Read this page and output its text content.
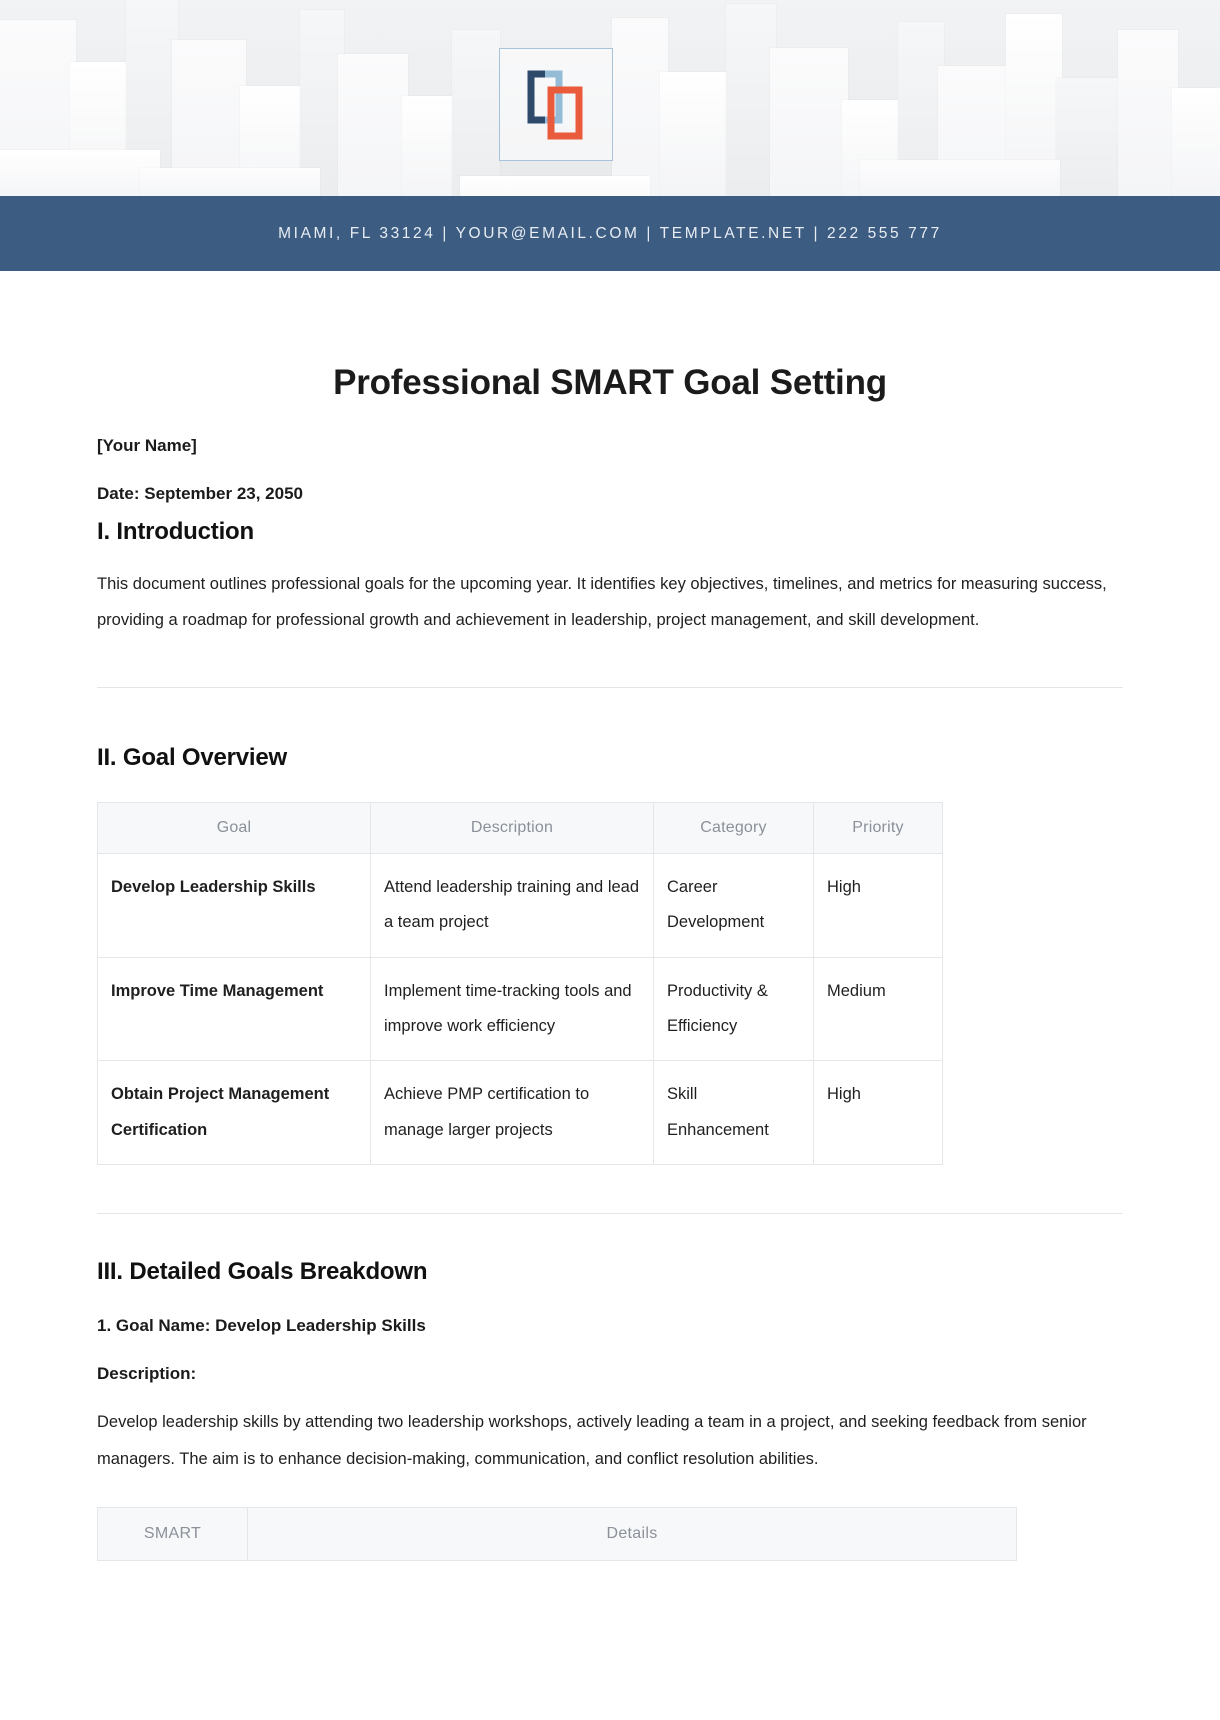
MIAMI, FL 33124 | YOUR@EMAIL.COM | TEMPLATE.NET | 222 555 777
Professional SMART Goal Setting
[Your Name]
Date: September 23, 2050
I. Introduction

This document outlines professional goals for the upcoming year. It identifies key objectives, timelines, and metrics for measuring success, providing a roadmap for professional growth and achievement in leadership, project management, and skill development.

II. Goal Overview
Goal	Description	Category	Priority
Develop Leadership Skills	Attend leadership training and lead a team project	Career Development	High
Improve Time Management	Implement time-tracking tools and improve work efficiency	Productivity & Efficiency	Medium
Obtain Project Management Certification	Achieve PMP certification to manage larger projects	Skill Enhancement	High
III. Detailed Goals Breakdown
1. Goal Name: Develop Leadership Skills
Description:

Develop leadership skills by attending two leadership workshops, actively leading a team in a project, and seeking feedback from senior managers. The aim is to enhance decision-making, communication, and conflict resolution abilities.

SMART	Details
